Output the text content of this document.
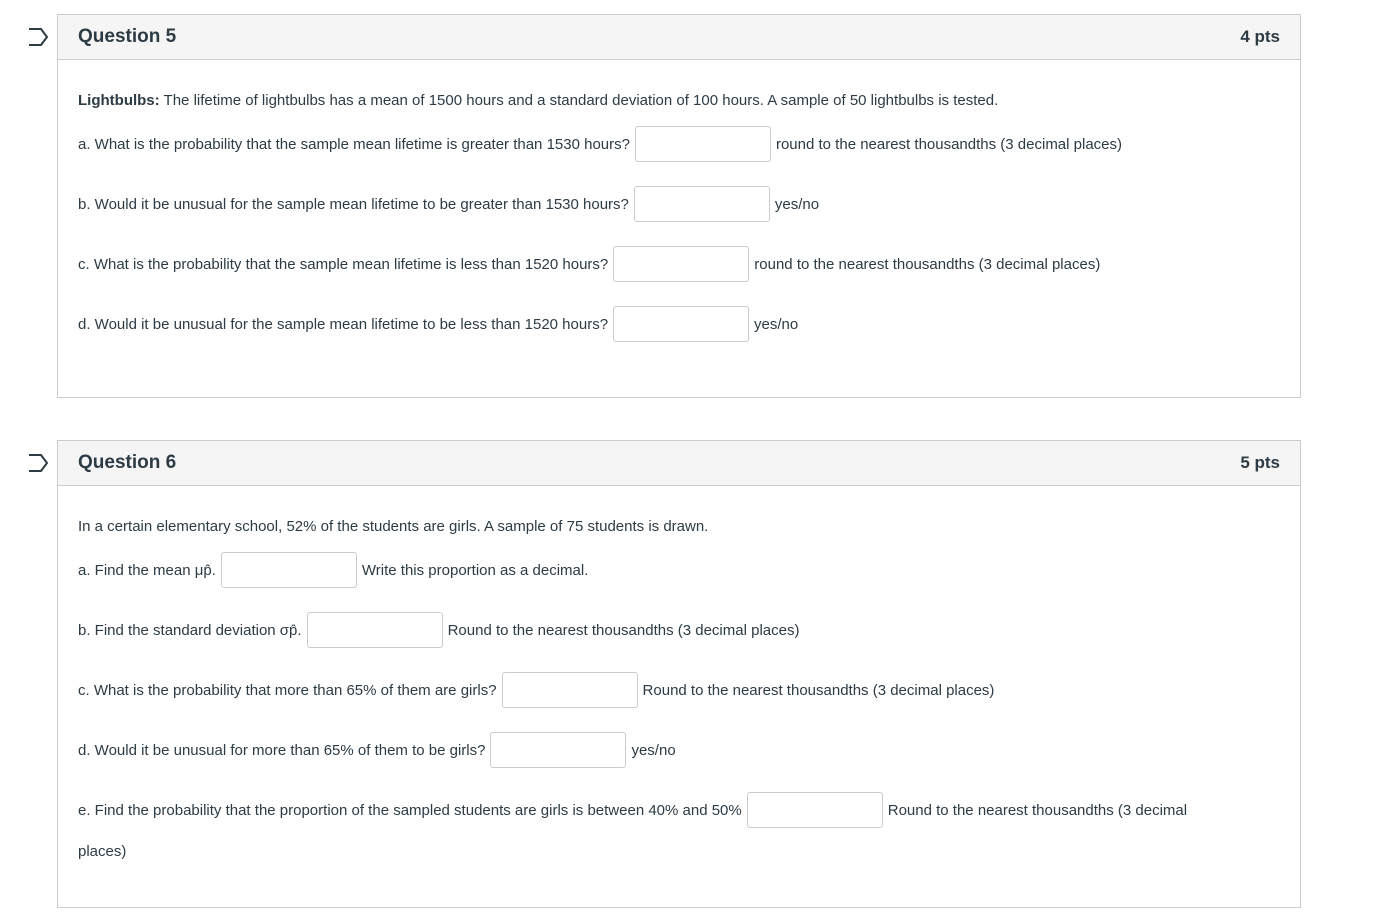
Question 5	4 pts
Lightbulbs: The lifetime of lightbulbs has a mean of 1500 hours and a standard deviation of 100 hours. A sample of 50 lightbulbs is tested.
a. What is the probability that the sample mean lifetime is greater than 1530 hours?	round to the nearest thousandths (3 decimal places)
b. Would it be unusual for the sample mean lifetime to be greater than 1530 hours?	yes/no
c. What is the probability that the sample mean lifetime is less than 1520 hours?	round to the nearest thousandths (3 decimal places)
d. Would it be unusual for the sample mean lifetime to be less than 1520 hours?	yes/no
Question 6	5 pts
In a certain elementary school, 52% of the students are girls. A sample of 75 students is drawn.
a. Find the mean μp̂.	Write this proportion as a decimal.
b. Find the standard deviation σp̂.	Round to the nearest thousandths (3 decimal places)
c. What is the probability that more than 65% of them are girls?	Round to the nearest thousandths (3 decimal places)
d. Would it be unusual for more than 65% of them to be girls?	yes/no
e. Find the probability that the proportion of the sampled students are girls is between 40% and 50%	Round to the nearest thousandths (3 decimal
places)
